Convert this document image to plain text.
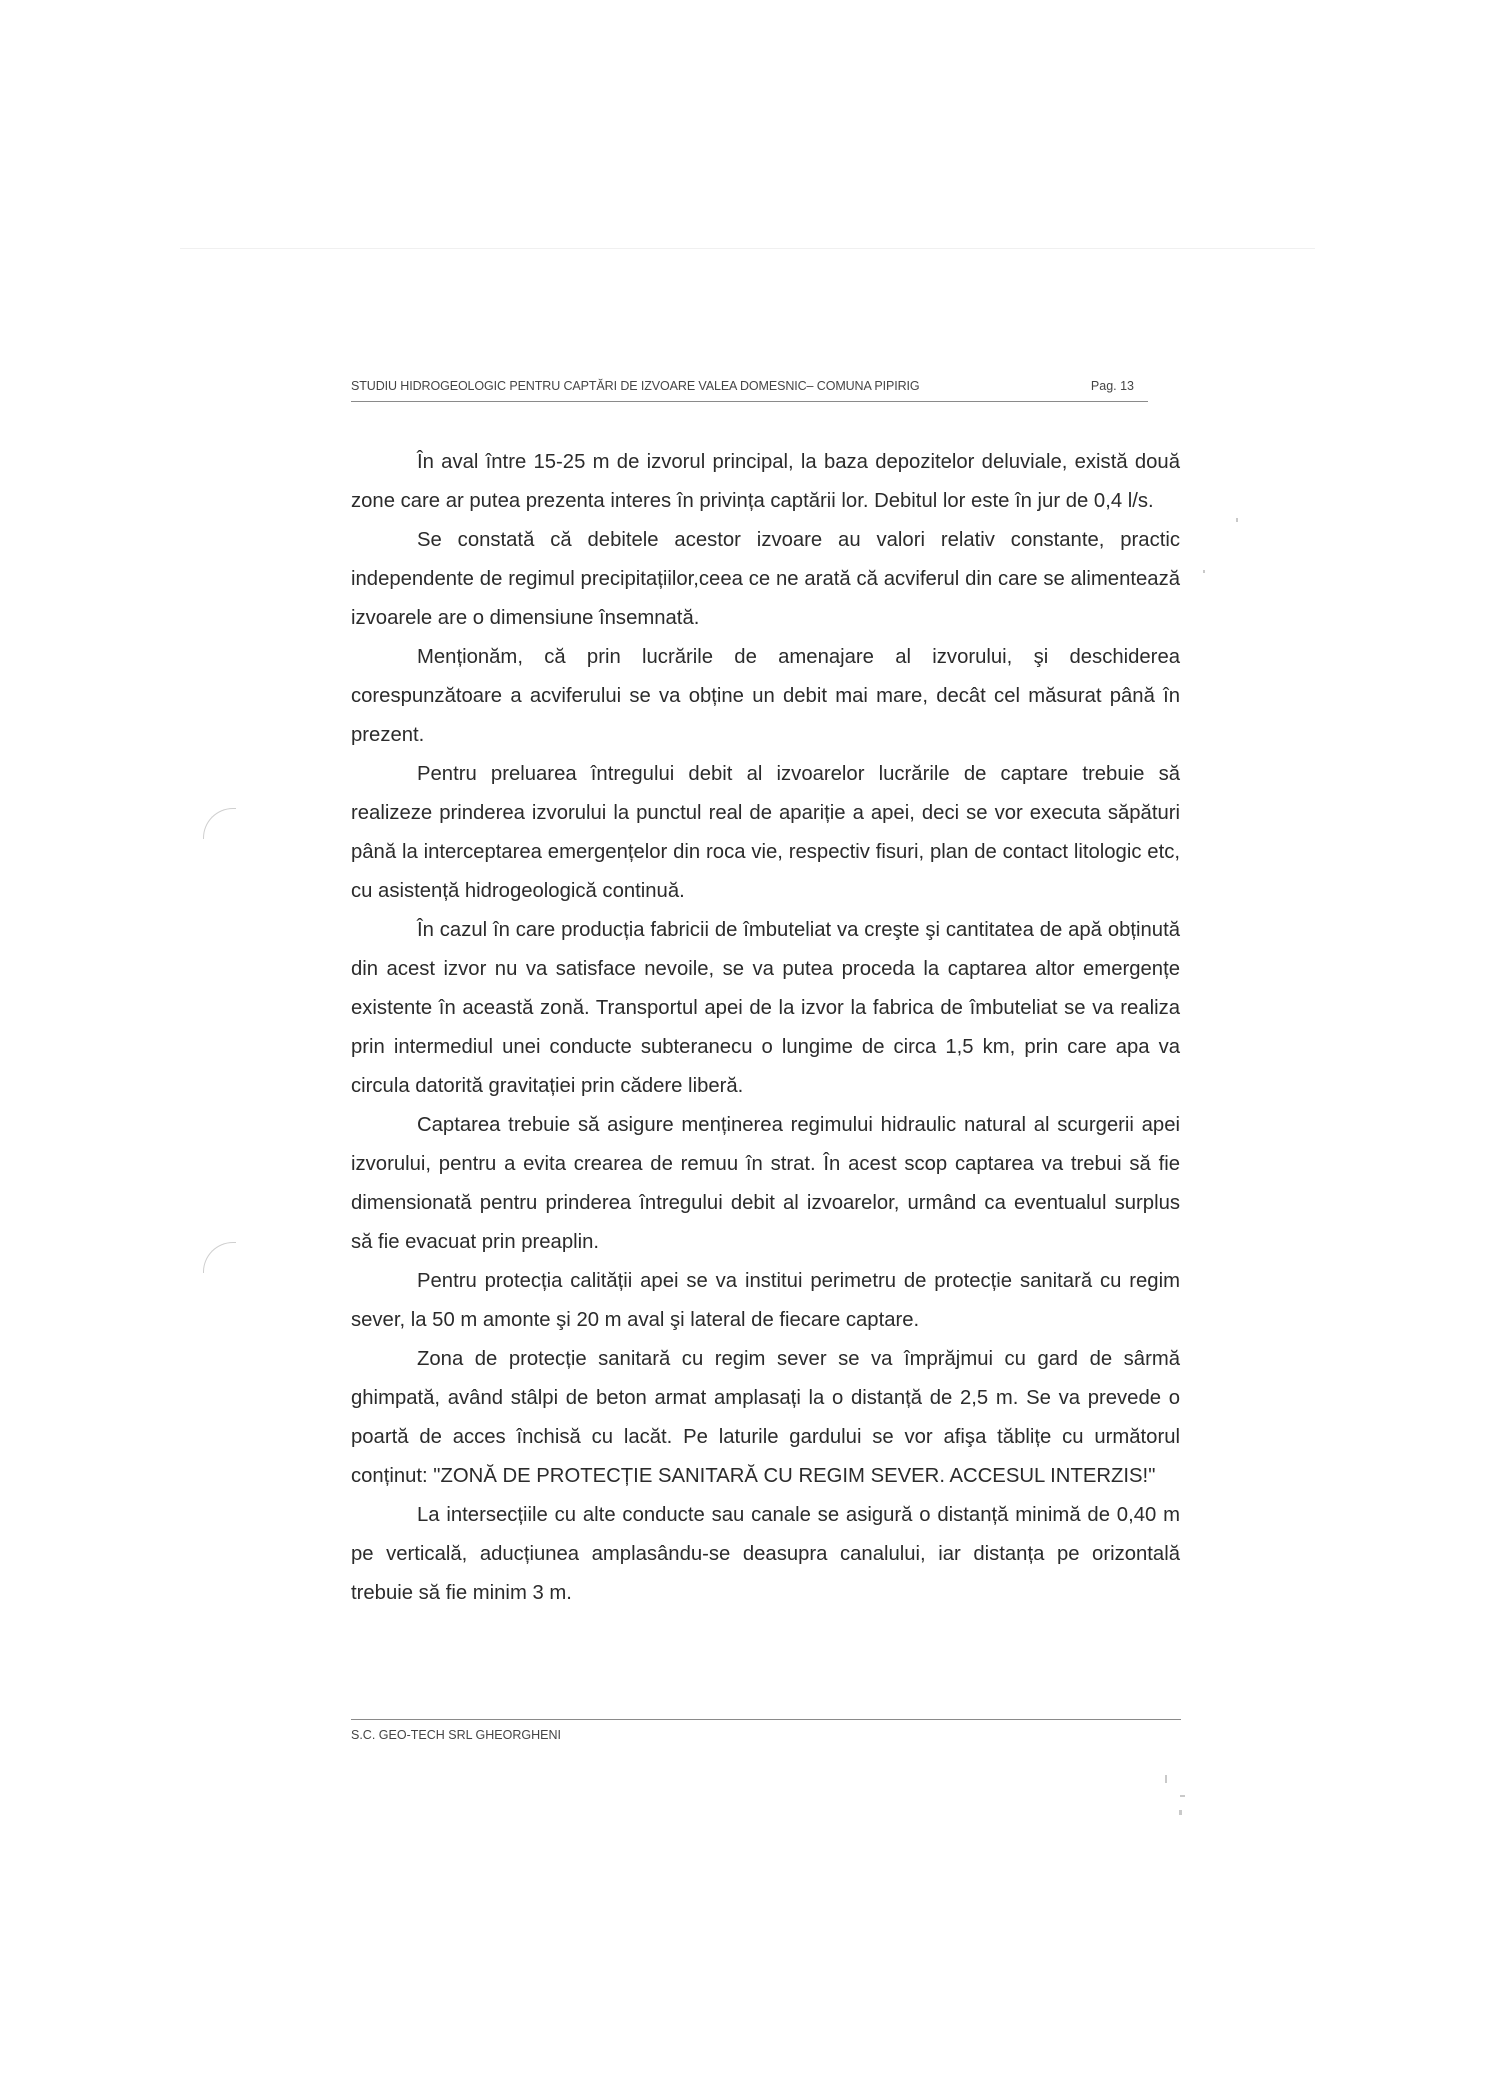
STUDIU HIDROGEOLOGIC PENTRU CAPTĂRI DE IZVOARE VALEA DOMESNIC– COMUNA PIPIRIG	Pag. 13

În aval între 15-25 m de izvorul principal, la baza depozitelor deluviale, există două zone care ar putea prezenta interes în privința captării lor. Debitul lor este în jur de 0,4 l/s.

Se constată că debitele acestor izvoare au valori relativ constante, practic independente de regimul precipitațiilor,ceea ce ne arată că acviferul din care se alimentează izvoarele are o dimensiune însemnată.

Menționăm, că prin lucrările de amenajare al izvorului, şi deschiderea corespunzătoare a acviferului se va obține un debit mai mare, decât cel măsurat până în prezent.

Pentru preluarea întregului debit al izvoarelor lucrările de captare trebuie să realizeze prinderea izvorului la punctul real de apariție a apei, deci se vor executa săpături până la interceptarea emergențelor din roca vie, respectiv fisuri, plan de contact litologic etc, cu asistență hidrogeologică continuă.

În cazul în care producția fabricii de îmbuteliat va creşte şi cantitatea de apă obținută din acest izvor nu va satisface nevoile, se va putea proceda la captarea altor emergențe existente în această zonă. Transportul apei de la izvor la fabrica de îmbuteliat se va realiza prin intermediul unei conducte subteranecu o lungime de circa 1,5 km, prin care apa va circula datorită gravitației prin cădere liberă.

Captarea trebuie să asigure menținerea regimului hidraulic natural al scurgerii apei izvorului, pentru a evita crearea de remuu în strat. În acest scop captarea va trebui să fie dimensionată pentru prinderea întregului debit al izvoarelor, urmând ca eventualul surplus să fie evacuat prin preaplin.

Pentru protecția calității apei se va institui perimetru de protecție sanitară cu regim sever, la 50 m amonte şi 20 m aval şi lateral de fiecare captare.

Zona de protecție sanitară cu regim sever se va împrăjmui cu gard de sârmă ghimpată, având stâlpi de beton armat amplasați la o distanță de 2,5 m. Se va prevede o poartă de acces închisă cu lacăt. Pe laturile gardului se vor afişa tăblițe cu următorul conținut: "ZONĂ DE PROTECȚIE SANITARĂ CU REGIM SEVER. ACCESUL INTERZIS!"

La intersecțiile cu alte conducte sau canale se asigură o distanță minimă de 0,40 m pe verticală, aducțiunea amplasându-se deasupra canalului, iar distanța pe orizontală trebuie să fie minim 3 m.

S.C. GEO-TECH SRL GHEORGHENI
